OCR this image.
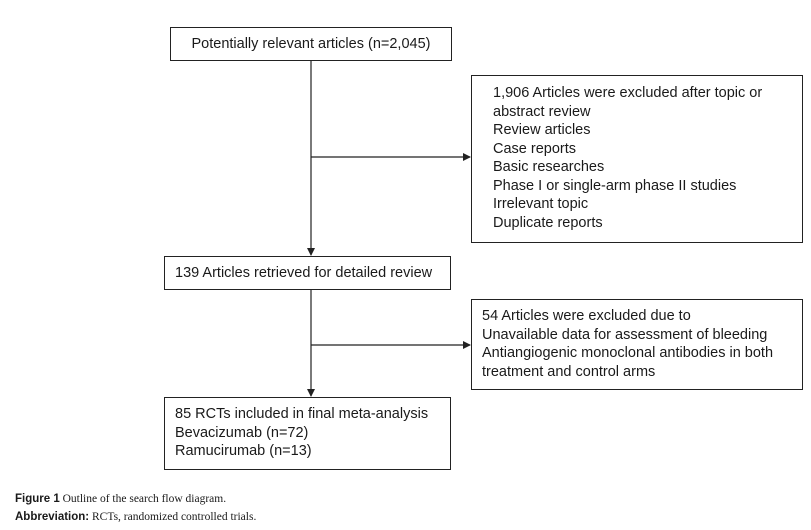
Potentially relevant articles (n=2,045)
1,906 Articles were excluded after topic or
abstract review
Review articles
Case reports
Basic researches
Phase I or single-arm phase II studies
Irrelevant topic
Duplicate reports
139 Articles retrieved for detailed review
54 Articles were excluded due to
Unavailable data for assessment of bleeding
Antiangiogenic monoclonal antibodies in both
treatment and control arms
85 RCTs included in final meta-analysis
Bevacizumab (n=72)
Ramucirumab (n=13)
Figure 1 Outline of the search flow diagram.
Abbreviation: RCTs, randomized controlled trials.
